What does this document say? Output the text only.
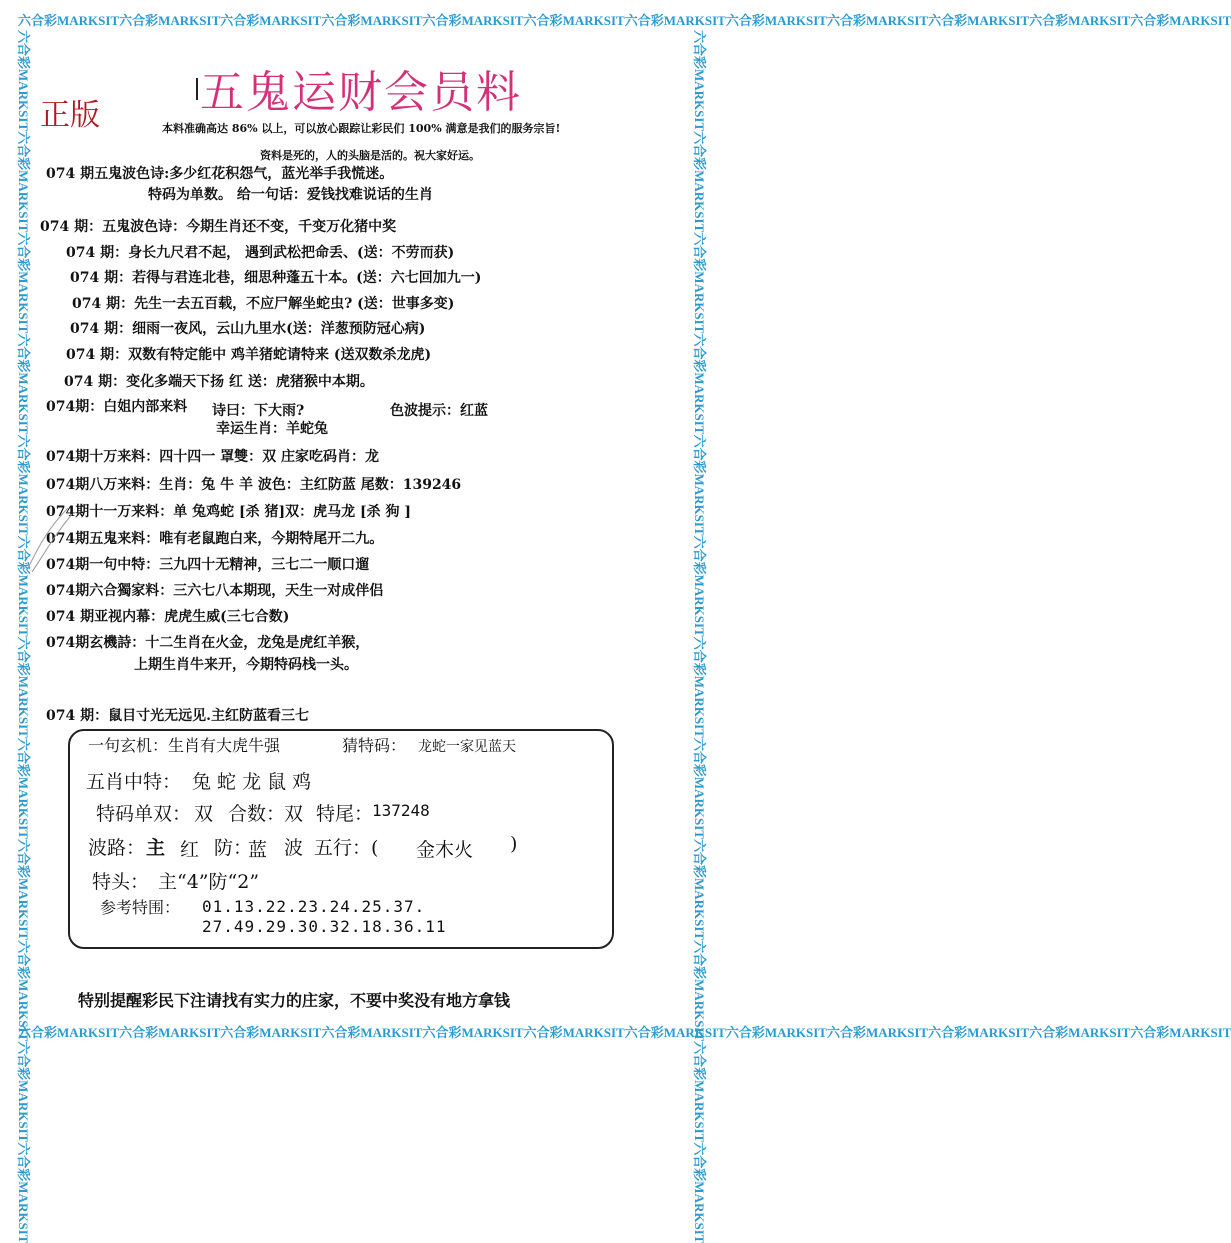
六合彩MARKSIT六合彩MARKSIT六合彩MARKSIT六合彩MARKSIT六合彩MARKSIT六合彩MARKSIT六合彩MARKSIT六合彩MARKSIT六合彩MARKSIT六合彩MARKSIT六合彩MARKSIT六合彩MARKSIT
六合彩MARKSIT六合彩MARKSIT六合彩MARKSIT六合彩MARKSIT六合彩MARKSIT六合彩MARKSIT六合彩MARKSIT六合彩MARKSIT六合彩MARKSIT六合彩MARKSIT六合彩MARKSIT六合彩MARKSIT
六合彩MARKSIT六合彩MARKSIT六合彩MARKSIT六合彩MARKSIT六合彩MARKSIT六合彩MARKSIT六合彩MARKSIT六合彩MARKSIT六合彩MARKSIT六合彩MARKSIT六合彩MARKSIT六合彩MARKSIT	六合彩MARKSIT六合彩MARKSIT六合彩MARKSIT六合彩MARKSIT六合彩MARKSIT六合彩MARKSIT六合彩MARKSIT六合彩MARKSIT六合彩MARKSIT六合彩MARKSIT六合彩MARKSIT六合彩MARKSIT
五鬼运财会员料
正版	本料准确高达 86% 以上，可以放心跟踪让彩民们 100% 满意是我们的服务宗旨!
资料是死的，人的头脑是活的。祝大家好运。
074 期五鬼波色诗:多少红花积怨气，蓝光举手我慌迷。
特码为单数。 给一句话：爱钱找难说话的生肖
074 期：五鬼波色诗：今期生肖还不变，千变万化猪中奖
074 期：身长九尺君不起， 遇到武松把命丢、(送：不劳而获)
074 期：若得与君连北巷，细思种蓬五十本。(送：六七回加九一)
074 期：先生一去五百载，不应尸解坐蛇虫? (送：世事多变)
074 期：细雨一夜风，云山九里水(送：洋葱预防冠心病)
074 期：双数有特定能中 鸡羊猪蛇请特来 (送双数杀龙虎)
074 期：变化多端天下扬 红 送：虎猪猴中本期。
074期：白姐内部来料 诗曰：下大雨?	色波提示：红蓝
幸运生肖：羊蛇兔
074期十万来料：四十四一 罩雙：双 庄家吃码肖：龙
074期八万来料：生肖：兔 牛 羊 波色：主红防蓝 尾数：139246
074期十一万来料：单 兔鸡蛇 [杀 猪]双：虎马龙 [杀 狗 ]
074期五鬼来料：唯有老鼠跑白来，今期特尾开二九。
074期一句中特：三九四十无精神，三七二一顺口遛
074期六合獨家料：三六七八本期现，天生一对成伴侣
074 期亚视内幕：虎虎生威(三七合数)
074期玄機詩：十二生肖在火金，龙兔是虎红羊猴，
上期生肖牛来开，今期特码栈一头。
074 期：鼠目寸光无远见.主红防蓝看三七
一句玄机：生肖有大虎牛强	猜特码： 龙蛇一家见蓝天
五肖中特： 兔 蛇 龙 鼠 鸡
特码单双： 双 合数：
双 特尾：
137248
波路： 主 红 防：
蓝 波 五行：( 金木火 )
特头： 主“4”防“2”
参考特围： 01.13.22.23.24.25.37.
27.49.29.30.32.18.36.11
特别提醒彩民下注请找有实力的庄家，不要中奖没有地方拿钱
